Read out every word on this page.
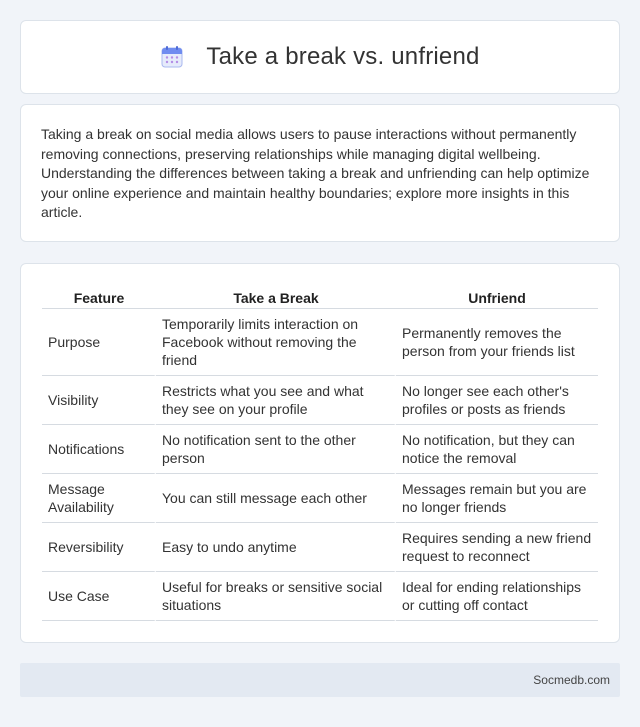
Take a break vs. unfriend

Taking a break on social media allows users to pause interactions without permanently removing connections, preserving relationships while managing digital wellbeing. Understanding the differences between taking a break and unfriending can help optimize your online experience and maintain healthy boundaries; explore more insights in this article.

Feature	Take a Break	Unfriend
Purpose	Temporarily limits interaction on Facebook without removing the friend	Permanently removes the person from your friends list
Visibility	Restricts what you see and what they see on your profile	No longer see each other's profiles or posts as friends
Notifications	No notification sent to the other person	No notification, but they can notice the removal
Message Availability	You can still message each other	Messages remain but you are no longer friends
Reversibility	Easy to undo anytime	Requires sending a new friend request to reconnect
Use Case	Useful for breaks or sensitive social situations	Ideal for ending relationships or cutting off contact
Socmedb.com
